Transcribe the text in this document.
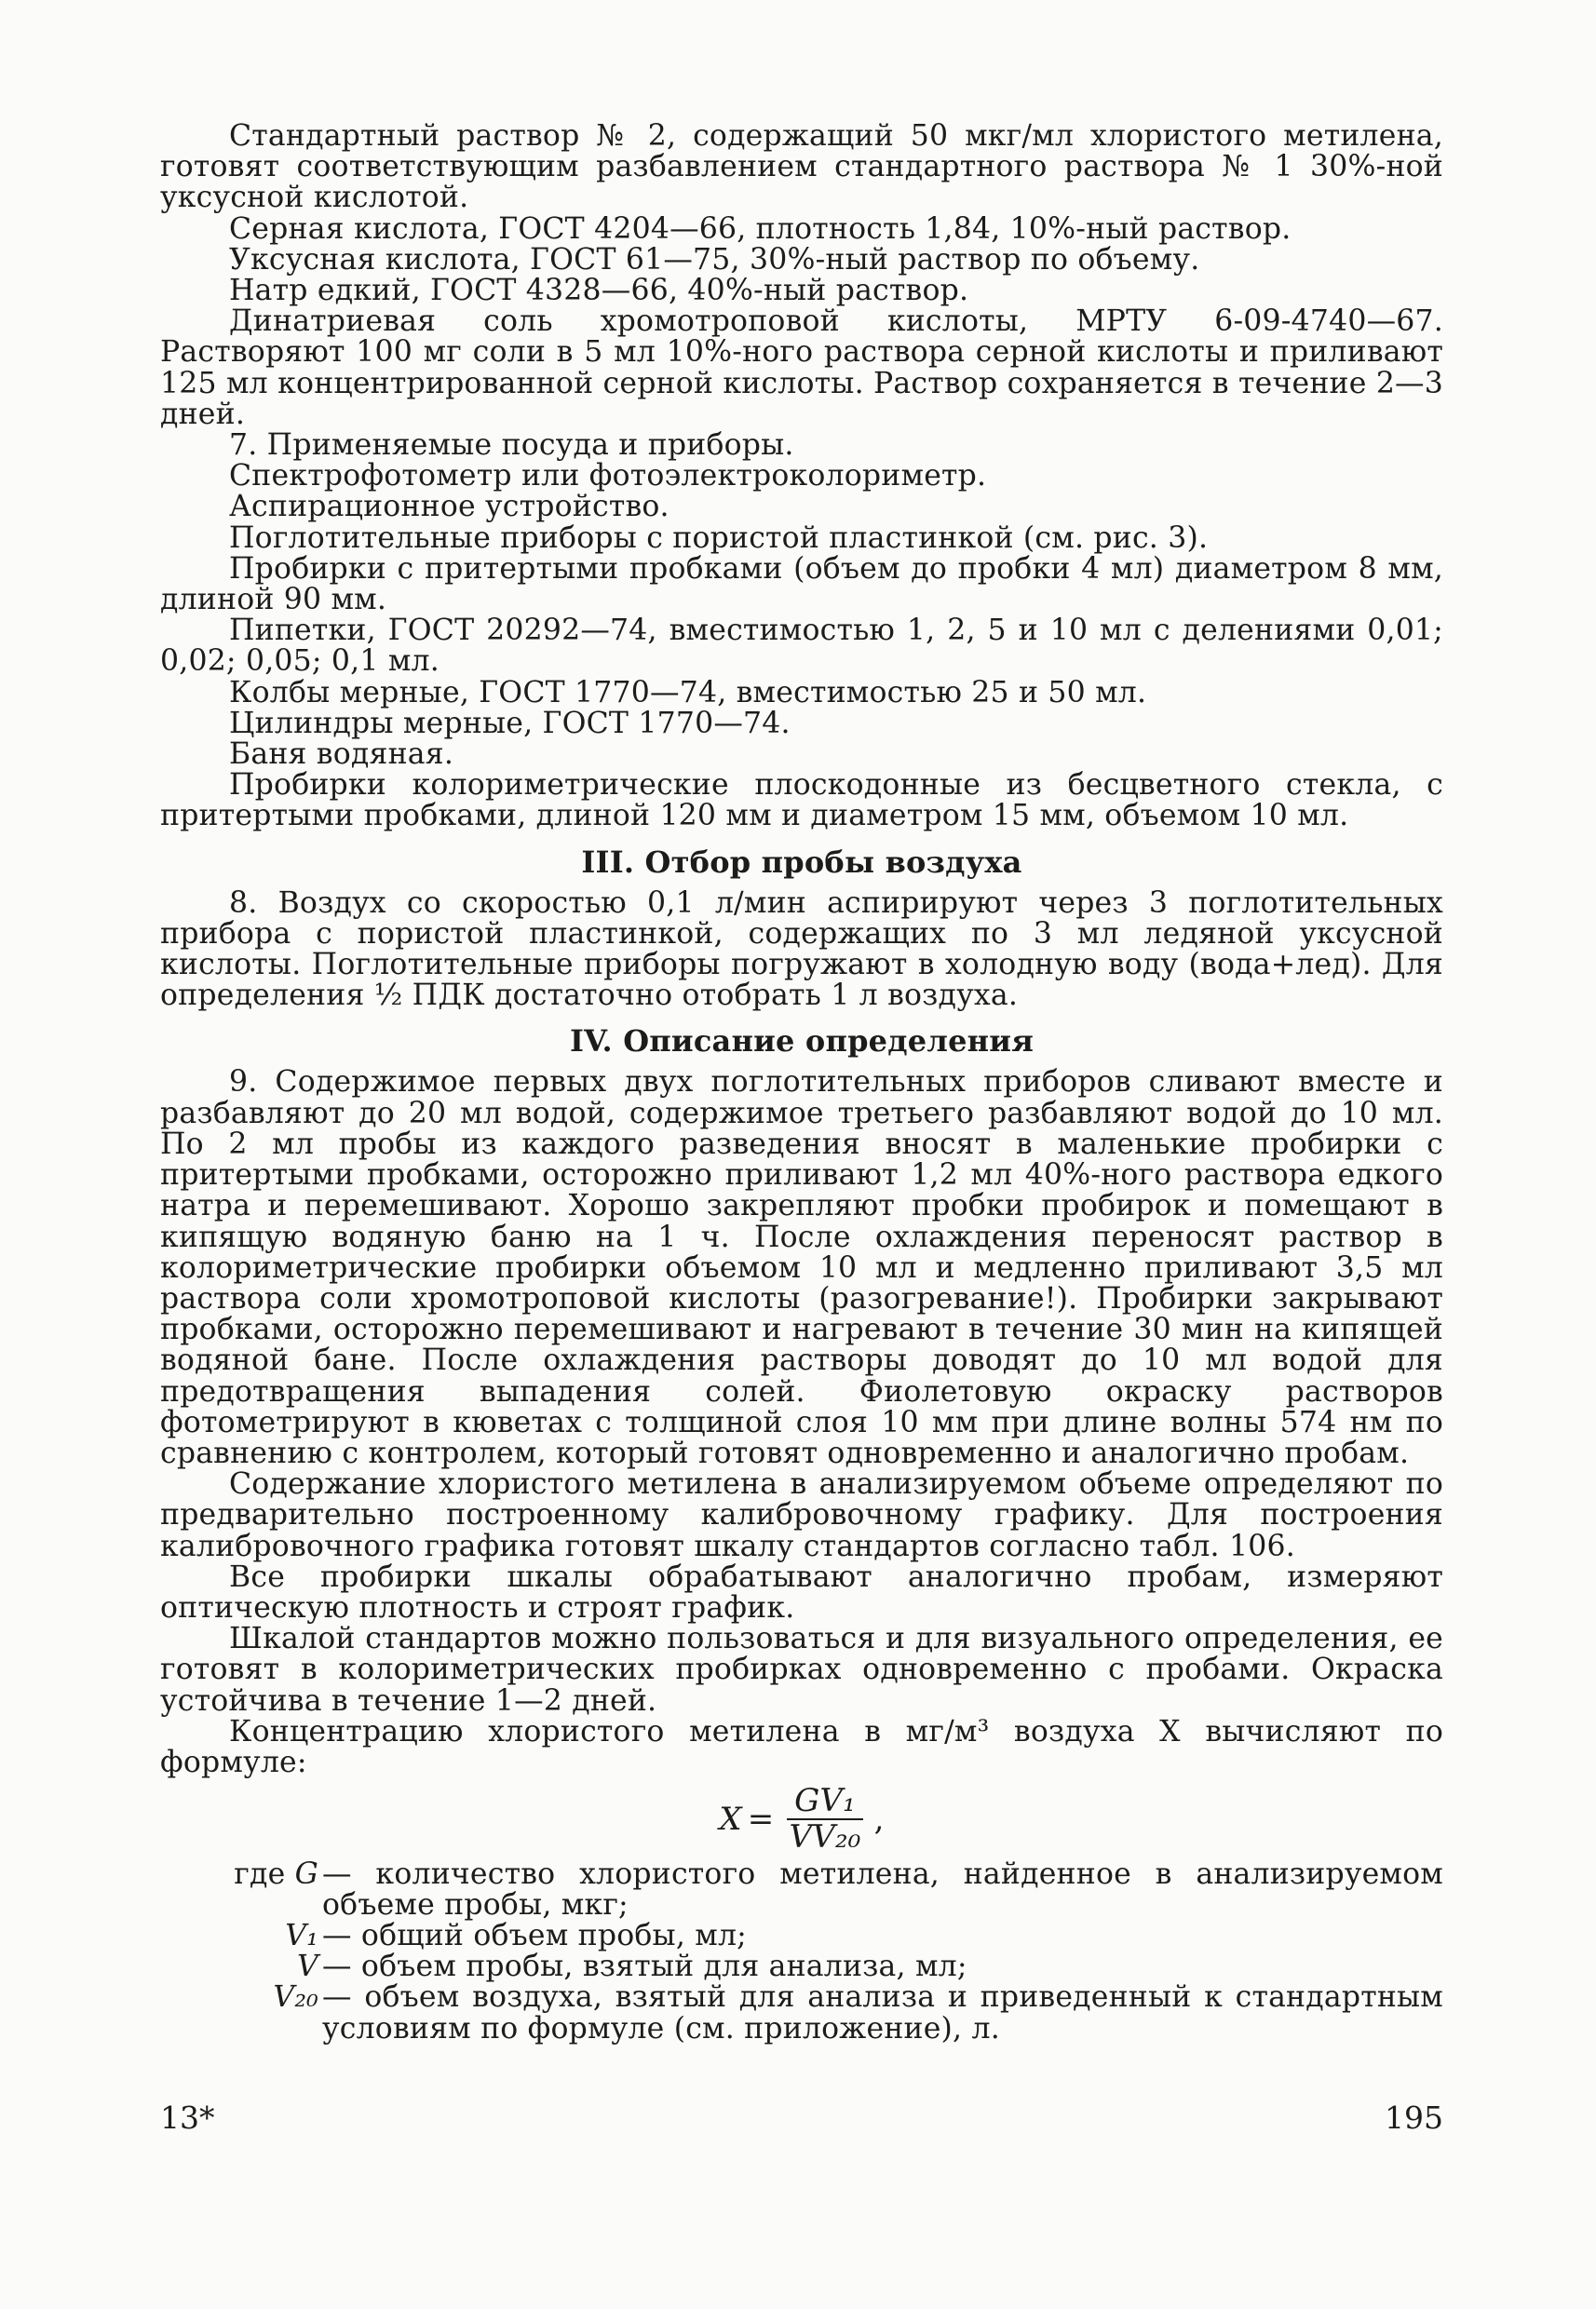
Стандартный раствор № 2, содержащий 50 мкг/мл хлористого метилена, готовят соответствующим разбавлением стандартного раствора № 1 30%-ной уксусной кислотой.

Серная кислота, ГОСТ 4204—66, плотность 1,84, 10%-ный раствор.

Уксусная кислота, ГОСТ 61—75, 30%-ный раствор по объему.

Натр едкий, ГОСТ 4328—66, 40%-ный раствор.

Динатриевая соль хромотроповой кислоты, МРТУ 6-09-4740—67. Растворяют 100 мг соли в 5 мл 10%-ного раствора серной кислоты и приливают 125 мл концентрированной серной кислоты. Раствор сохраняется в течение 2—3 дней.

7. Применяемые посуда и приборы.

Спектрофотометр или фотоэлектроколориметр.

Аспирационное устройство.

Поглотительные приборы с пористой пластинкой (см. рис. 3).

Пробирки с притертыми пробками (объем до пробки 4 мл) диаметром 8 мм, длиной 90 мм.

Пипетки, ГОСТ 20292—74, вместимостью 1, 2, 5 и 10 мл с делениями 0,01; 0,02; 0,05; 0,1 мл.

Колбы мерные, ГОСТ 1770—74, вместимостью 25 и 50 мл.

Цилиндры мерные, ГОСТ 1770—74.

Баня водяная.

Пробирки колориметрические плоскодонные из бесцветного стекла, с притертыми пробками, длиной 120 мм и диаметром 15 мм, объемом 10 мл.

III. Отбор пробы воздуха

8. Воздух со скоростью 0,1 л/мин аспирируют через 3 поглотительных прибора с пористой пластинкой, содержащих по 3 мл ледяной уксусной кислоты. Поглотительные приборы погружают в холодную воду (вода+лед). Для определения ½ ПДК достаточно отобрать 1 л воздуха.

IV. Описание определения

9. Содержимое первых двух поглотительных приборов сливают вместе и разбавляют до 20 мл водой, содержимое третьего разбавляют водой до 10 мл. По 2 мл пробы из каждого разведения вносят в маленькие пробирки с притертыми пробками, осторожно приливают 1,2 мл 40%-ного раствора едкого натра и перемешивают. Хорошо закрепляют пробки пробирок и помещают в кипящую водяную баню на 1 ч. После охлаждения переносят раствор в колориметрические пробирки объемом 10 мл и медленно приливают 3,5 мл раствора соли хромотроповой кислоты (разогревание!). Пробирки закрывают пробками, осторожно перемешивают и нагревают в течение 30 мин на кипящей водяной бане. После охлаждения растворы доводят до 10 мл водой для предотвращения выпадения солей. Фиолетовую окраску растворов фотометрируют в кюветах с толщиной слоя 10 мм при длине волны 574 нм по сравнению с контролем, который готовят одновременно и аналогично пробам.

Содержание хлористого метилена в анализируемом объеме определяют по предварительно построенному калибровочному графику. Для построения калибровочного графика готовят шкалу стандартов согласно табл. 106.

Все пробирки шкалы обрабатывают аналогично пробам, измеряют оптическую плотность и строят график.

Шкалой стандартов можно пользоваться и для визуального определения, ее готовят в колориметрических пробирках одновременно с пробами. Окраска устойчива в течение 1—2 дней.

Концентрацию хлористого метилена в мг/м³ воздуха X вычисляют по формуле:

$X = \frac{\text{GV₁}}{\text{VV₂₀}}$ ,
где G — количество хлористого метилена, найденное в анализируемом объеме пробы, мкг;
V₁ — общий объем пробы, мл;
V — объем пробы, взятый для анализа, мл;
V₂₀ — объем воздуха, взятый для анализа и приведенный к стандартным условиям по формуле (см. приложение), л.
13*	195
